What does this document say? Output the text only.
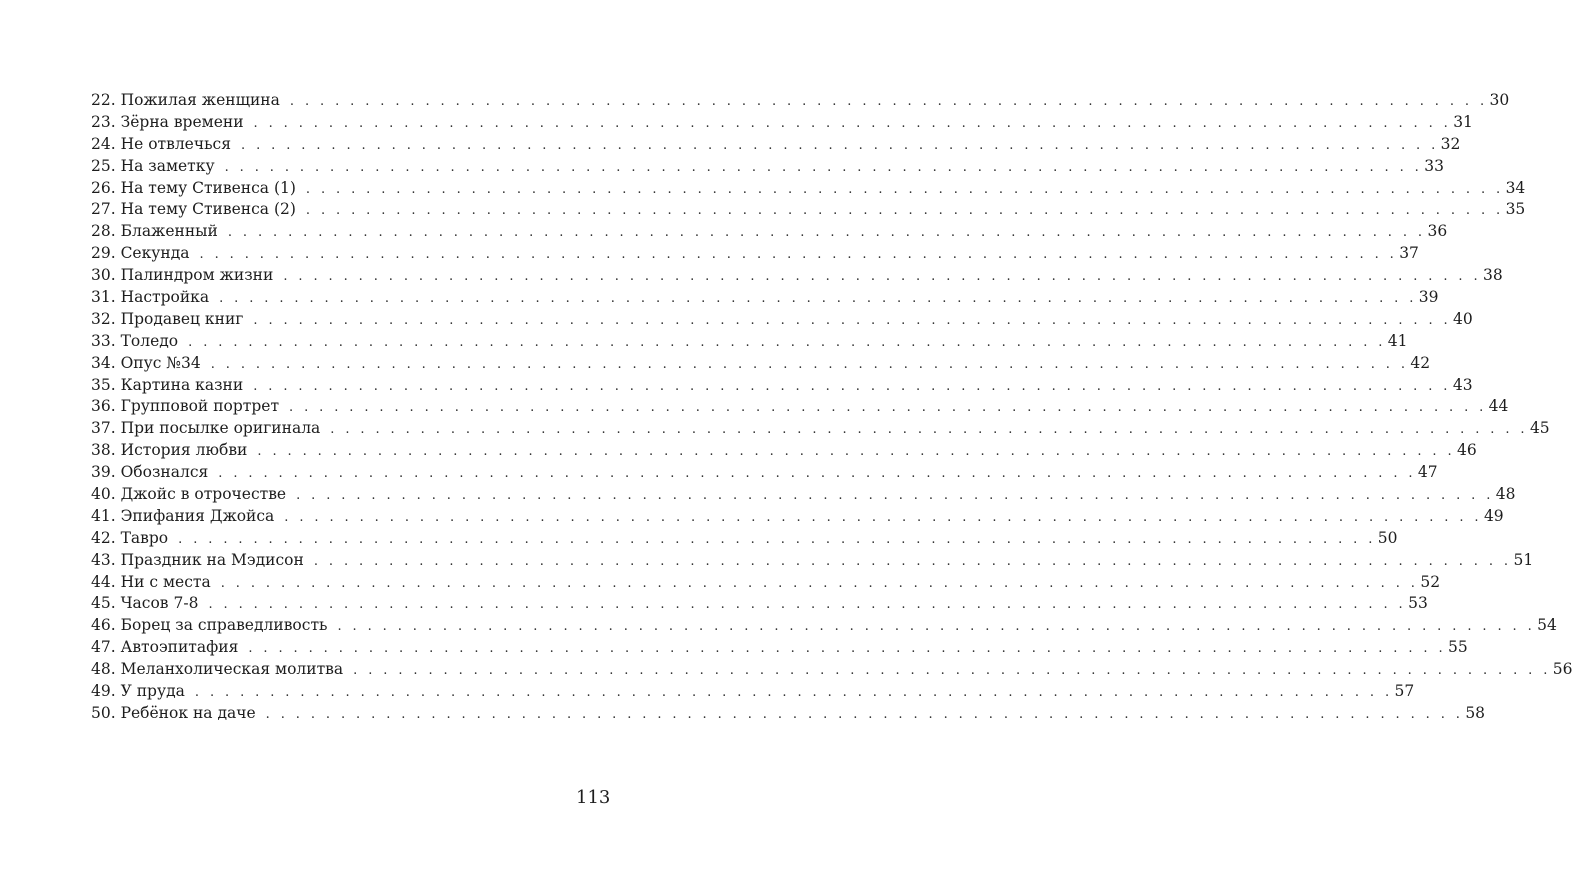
22. Пожилая женщина . . . . . . . . . . . . . . . . . . . . . . . . . . . . . . . . . . . . . . . . . . . . . . . . . . . . . . . . . . . . . . . . . . . . . . . . . . . . . . . . 30
23. Зёрна времени . . . . . . . . . . . . . . . . . . . . . . . . . . . . . . . . . . . . . . . . . . . . . . . . . . . . . . . . . . . . . . . . . . . . . . . . . . . . . . . . 31
24. Не отвлечься . . . . . . . . . . . . . . . . . . . . . . . . . . . . . . . . . . . . . . . . . . . . . . . . . . . . . . . . . . . . . . . . . . . . . . . . . . . . . . . . 32
25. На заметку . . . . . . . . . . . . . . . . . . . . . . . . . . . . . . . . . . . . . . . . . . . . . . . . . . . . . . . . . . . . . . . . . . . . . . . . . . . . . . . . 33
26. На тему Стивенса (1) . . . . . . . . . . . . . . . . . . . . . . . . . . . . . . . . . . . . . . . . . . . . . . . . . . . . . . . . . . . . . . . . . . . . . . . . . . . . . . . . 34
27. На тему Стивенса (2) . . . . . . . . . . . . . . . . . . . . . . . . . . . . . . . . . . . . . . . . . . . . . . . . . . . . . . . . . . . . . . . . . . . . . . . . . . . . . . . . 35
28. Блаженный . . . . . . . . . . . . . . . . . . . . . . . . . . . . . . . . . . . . . . . . . . . . . . . . . . . . . . . . . . . . . . . . . . . . . . . . . . . . . . . . 36
29. Секунда . . . . . . . . . . . . . . . . . . . . . . . . . . . . . . . . . . . . . . . . . . . . . . . . . . . . . . . . . . . . . . . . . . . . . . . . . . . . . . . . 37
30. Палиндром жизни . . . . . . . . . . . . . . . . . . . . . . . . . . . . . . . . . . . . . . . . . . . . . . . . . . . . . . . . . . . . . . . . . . . . . . . . . . . . . . . . 38
31. Настройка . . . . . . . . . . . . . . . . . . . . . . . . . . . . . . . . . . . . . . . . . . . . . . . . . . . . . . . . . . . . . . . . . . . . . . . . . . . . . . . . 39
32. Продавец книг . . . . . . . . . . . . . . . . . . . . . . . . . . . . . . . . . . . . . . . . . . . . . . . . . . . . . . . . . . . . . . . . . . . . . . . . . . . . . . . . 40
33. Толедо . . . . . . . . . . . . . . . . . . . . . . . . . . . . . . . . . . . . . . . . . . . . . . . . . . . . . . . . . . . . . . . . . . . . . . . . . . . . . . . . 41
34. Опус №34 . . . . . . . . . . . . . . . . . . . . . . . . . . . . . . . . . . . . . . . . . . . . . . . . . . . . . . . . . . . . . . . . . . . . . . . . . . . . . . . . 42
35. Картина казни . . . . . . . . . . . . . . . . . . . . . . . . . . . . . . . . . . . . . . . . . . . . . . . . . . . . . . . . . . . . . . . . . . . . . . . . . . . . . . . . 43
36. Групповой портрет . . . . . . . . . . . . . . . . . . . . . . . . . . . . . . . . . . . . . . . . . . . . . . . . . . . . . . . . . . . . . . . . . . . . . . . . . . . . . . . . 44
37. При посылке оригинала . . . . . . . . . . . . . . . . . . . . . . . . . . . . . . . . . . . . . . . . . . . . . . . . . . . . . . . . . . . . . . . . . . . . . . . . . . . . . . . . 45
38. История любви . . . . . . . . . . . . . . . . . . . . . . . . . . . . . . . . . . . . . . . . . . . . . . . . . . . . . . . . . . . . . . . . . . . . . . . . . . . . . . . . 46
39. Обознался . . . . . . . . . . . . . . . . . . . . . . . . . . . . . . . . . . . . . . . . . . . . . . . . . . . . . . . . . . . . . . . . . . . . . . . . . . . . . . . . 47
40. Джойс в отрочестве . . . . . . . . . . . . . . . . . . . . . . . . . . . . . . . . . . . . . . . . . . . . . . . . . . . . . . . . . . . . . . . . . . . . . . . . . . . . . . . . 48
41. Эпифания Джойса . . . . . . . . . . . . . . . . . . . . . . . . . . . . . . . . . . . . . . . . . . . . . . . . . . . . . . . . . . . . . . . . . . . . . . . . . . . . . . . . 49
42. Тавро . . . . . . . . . . . . . . . . . . . . . . . . . . . . . . . . . . . . . . . . . . . . . . . . . . . . . . . . . . . . . . . . . . . . . . . . . . . . . . . . 50
43. Праздник на Мэдисон . . . . . . . . . . . . . . . . . . . . . . . . . . . . . . . . . . . . . . . . . . . . . . . . . . . . . . . . . . . . . . . . . . . . . . . . . . . . . . . . 51
44. Ни с места . . . . . . . . . . . . . . . . . . . . . . . . . . . . . . . . . . . . . . . . . . . . . . . . . . . . . . . . . . . . . . . . . . . . . . . . . . . . . . . . 52
45. Часов 7-8 . . . . . . . . . . . . . . . . . . . . . . . . . . . . . . . . . . . . . . . . . . . . . . . . . . . . . . . . . . . . . . . . . . . . . . . . . . . . . . . . 53
46. Борец за справедливость . . . . . . . . . . . . . . . . . . . . . . . . . . . . . . . . . . . . . . . . . . . . . . . . . . . . . . . . . . . . . . . . . . . . . . . . . . . . . . . . 54
47. Автоэпитафия . . . . . . . . . . . . . . . . . . . . . . . . . . . . . . . . . . . . . . . . . . . . . . . . . . . . . . . . . . . . . . . . . . . . . . . . . . . . . . . . 55
48. Меланхолическая молитва . . . . . . . . . . . . . . . . . . . . . . . . . . . . . . . . . . . . . . . . . . . . . . . . . . . . . . . . . . . . . . . . . . . . . . . . . . . . . . . . 56
49. У пруда . . . . . . . . . . . . . . . . . . . . . . . . . . . . . . . . . . . . . . . . . . . . . . . . . . . . . . . . . . . . . . . . . . . . . . . . . . . . . . . . 57
50. Ребёнок на даче . . . . . . . . . . . . . . . . . . . . . . . . . . . . . . . . . . . . . . . . . . . . . . . . . . . . . . . . . . . . . . . . . . . . . . . . . . . . . . . . 58
113
